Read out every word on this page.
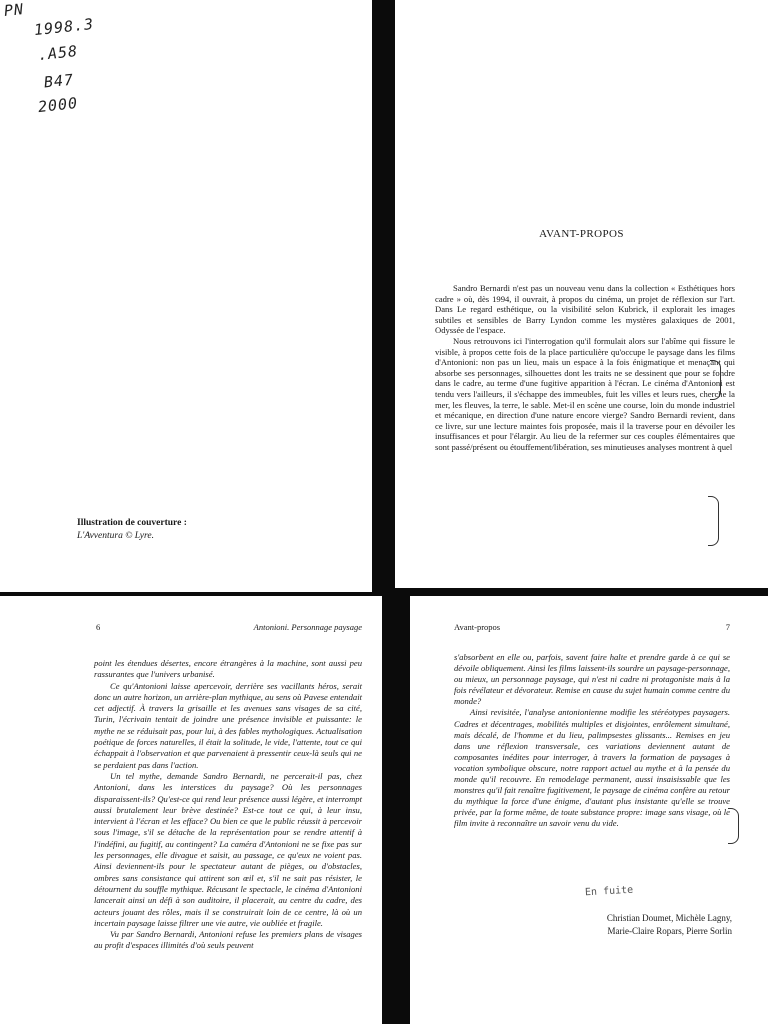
PN
1998.3
.A58
B47
2000
Illustration de couverture :
L'Avventura © Lyre.
AVANT-PROPOS

Sandro Bernardi n'est pas un nouveau venu dans la collection « Esthétiques hors cadre » où, dès 1994, il ouvrait, à propos du cinéma, un projet de réflexion sur l'art. Dans Le regard esthétique, ou la visibilité selon Kubrick, il explorait les images subtiles et sensibles de Barry Lyndon comme les mystères galaxiques de 2001, Odyssée de l'espace.

Nous retrouvons ici l'interrogation qu'il formulait alors sur l'abîme qui fissure le visible, à propos cette fois de la place particulière qu'occupe le paysage dans les films d'Antonioni: non pas un lieu, mais un espace à la fois énigmatique et menaçant qui absorbe ses personnages, silhouettes dont les traits ne se dessinent que pour se fondre dans le cadre, au terme d'une fugitive apparition à l'écran. Le cinéma d'Antonioni est tendu vers l'ailleurs, il s'échappe des immeubles, fuit les villes et leurs rues, cherche la mer, les fleuves, la terre, le sable. Met-il en scène une course, loin du monde industriel et mécanique, en direction d'une nature encore vierge? Sandro Bernardi revient, dans ce livre, sur une lecture maintes fois proposée, mais il la traverse pour en dévoiler les insuffisances et pour l'élargir. Au lieu de la refermer sur ces couples élémentaires que sont passé/présent ou étouffement/libération, ses minutieuses analyses montrent à quel

6	Antonioni. Personnage paysage

point les étendues désertes, encore étrangères à la machine, sont aussi peu rassurantes que l'univers urbanisé.

Ce qu'Antonioni laisse apercevoir, derrière ses vacillants héros, serait donc un autre horizon, un arrière-plan mythique, au sens où Pavese entendait cet adjectif. À travers la grisaille et les avenues sans visages de sa cité, Turin, l'écrivain tentait de joindre une présence invisible et puissante: le mythe ne se réduisait pas, pour lui, à des fables mythologiques. Actualisation poétique de forces naturelles, il était la solitude, le vide, l'attente, tout ce qui échappait à l'observation et que parvenaient à pressentir ceux-là seuls qui ne se perdaient pas dans l'action.

Un tel mythe, demande Sandro Bernardi, ne percerait-il pas, chez Antonioni, dans les interstices du paysage? Où les personnages disparaissent-ils? Qu'est-ce qui rend leur présence aussi légère, et interrompt aussi brutalement leur brève destinée? Est-ce tout ce qui, à leur insu, intervient à l'écran et les efface? Ou bien ce que le public réussit à percevoir sous l'image, s'il se détache de la représentation pour se rendre attentif à l'indéfini, au fugitif, au contingent? La caméra d'Antonioni ne se fixe pas sur les personnages, elle divague et saisit, au passage, ce qu'eux ne voient pas. Ainsi deviennent-ils pour le spectateur autant de pièges, ou d'obstacles, ombres sans consistance qui attirent son œil et, s'il ne sait pas résister, le détournent du souffle mythique. Récusant le spectacle, le cinéma d'Antonioni lancerait ainsi un défi à son auditoire, il placerait, au centre du cadre, des acteurs jouant des rôles, mais il se construirait loin de ce centre, là où un incertain paysage laisse filtrer une vie autre, vie oubliée et fragile.

Vu par Sandro Bernardi, Antonioni refuse les premiers plans de visages au profit d'espaces illimités d'où seuls peuvent

Avant-propos	7

s'absorbent en elle ou, parfois, savent faire halte et prendre garde à ce qui se dévoile obliquement. Ainsi les films laissent-ils sourdre un paysage-personnage, ou mieux, un personnage paysage, qui n'est ni cadre ni protagoniste mais à la fois révélateur et dévorateur. Remise en cause du sujet humain comme centre du monde?

Ainsi revisitée, l'analyse antonionienne modifie les stéréotypes paysagers. Cadres et décentrages, mobilités multiples et disjointes, enrôlement simultané, mais décalé, de l'homme et du lieu, palimpsestes glissants... Remises en jeu dans une réflexion transversale, ces variations deviennent autant de composantes inédites pour interroger, à travers la formation de paysages à vocation symbolique obscure, notre rapport actuel au mythe et à la pensée du monde qu'il recouvre. En remodelage permanent, aussi insaisissable que les monstres qu'il fait renaître fugitivement, le paysage de cinéma confère au retour du mythique la force d'une énigme, d'autant plus insistante qu'elle se trouve privée, par la forme même, de toute substance propre: image sans visage, où le film invite à reconnaître un savoir venu du vide.

En fuite
Christian Doumet, Michèle Lagny,
Marie-Claire Ropars, Pierre Sorlin
